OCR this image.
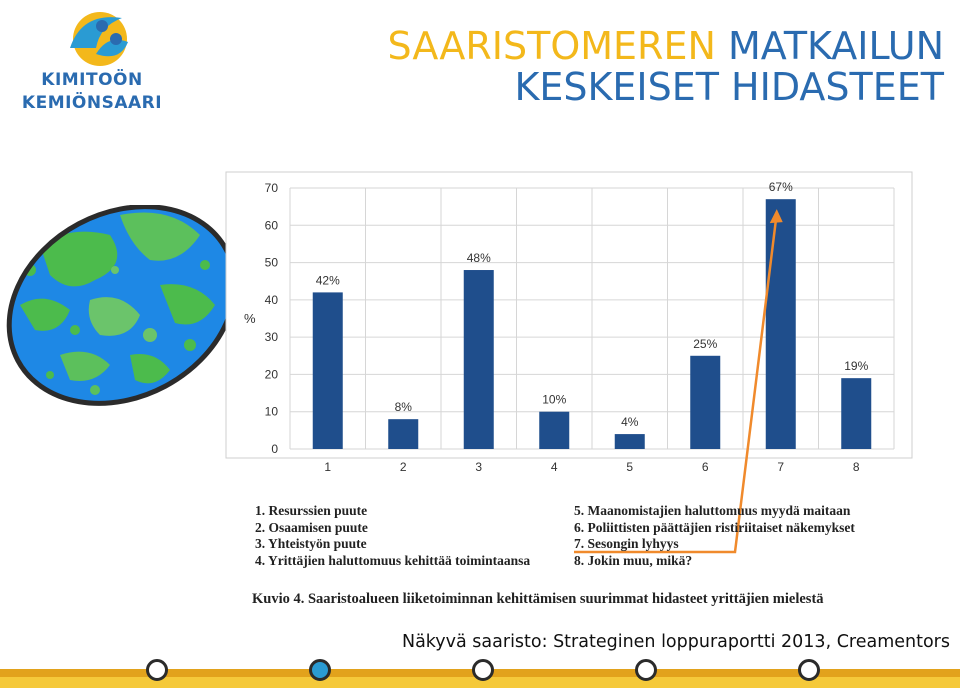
KIMITOÖN
KEMIÖNSAARI
SAARISTOMEREN MATKAILUN
KESKEISET HIDASTEET
%
0
10
20
30
40
50
60
70
42%
1
8%
2
48%
3
10%
4
4%
5
25%
6
67%
7
19%
8
1. Resurssien puute
2. Osaamisen puute
3. Yhteistyön puute
4. Yrittäjien haluttomuus kehittää toimintaansa
5. Maanomistajien haluttomuus myydä maitaan
6. Poliittisten päättäjien ristiriitaiset näkemykset
7. Sesongin lyhyys
8. Jokin muu, mikä?
Kuvio 4. Saaristoalueen liiketoiminnan kehittämisen suurimmat hidasteet yrittäjien mielestä
Näkyvä saaristo: Strateginen loppuraportti 2013, Creamentors
